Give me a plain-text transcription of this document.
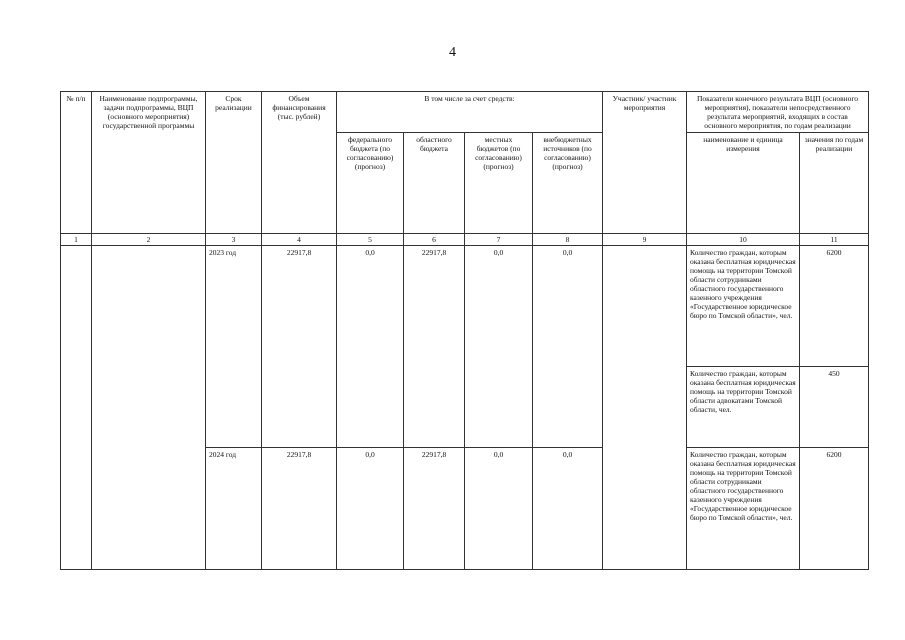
4
№ п/п	Наименование подпрограммы, задачи подпрограммы, ВЦП (основного мероприятия) государственной программы	Срок реализации	Объем финансирования (тыс. рублей)	В том числе за счет средств:				Участник/ участник мероприятия	Показатели конечного результата ВЦП (основного мероприятия), показатели непосредственного результата мероприятий, входящих в состав основного мероприятия, по годам реализации	
				федерального бюджета (по согласованию) (прогноз)	областного бюджета	местных бюджетов (по согласованию) (прогноз)	внебюджетных источников (по согласованию) (прогноз)		наименование и единица измерения	значения по годам реализации
1	2	3	4	5	6	7	8	9	10	11
		2023 год	22917,8	0,0	22917,8	0,0	0,0		Количество граждан, которым оказана бесплатная юридическая помощь на территории Томской области сотрудниками областного государственного казенного учреждения «Государственное юридическое бюро по Томской области», чел.	6200
									Количество граждан, которым оказана бесплатная юридическая помощь на территории Томской области адвокатами Томской области, чел.	450
		2024 год	22917,8	0,0	22917,8	0,0	0,0		Количество граждан, которым оказана бесплатная юридическая помощь на территории Томской области сотрудниками областного государственного казенного учреждения «Государственное юридическое бюро по Томской области», чел.	6200
